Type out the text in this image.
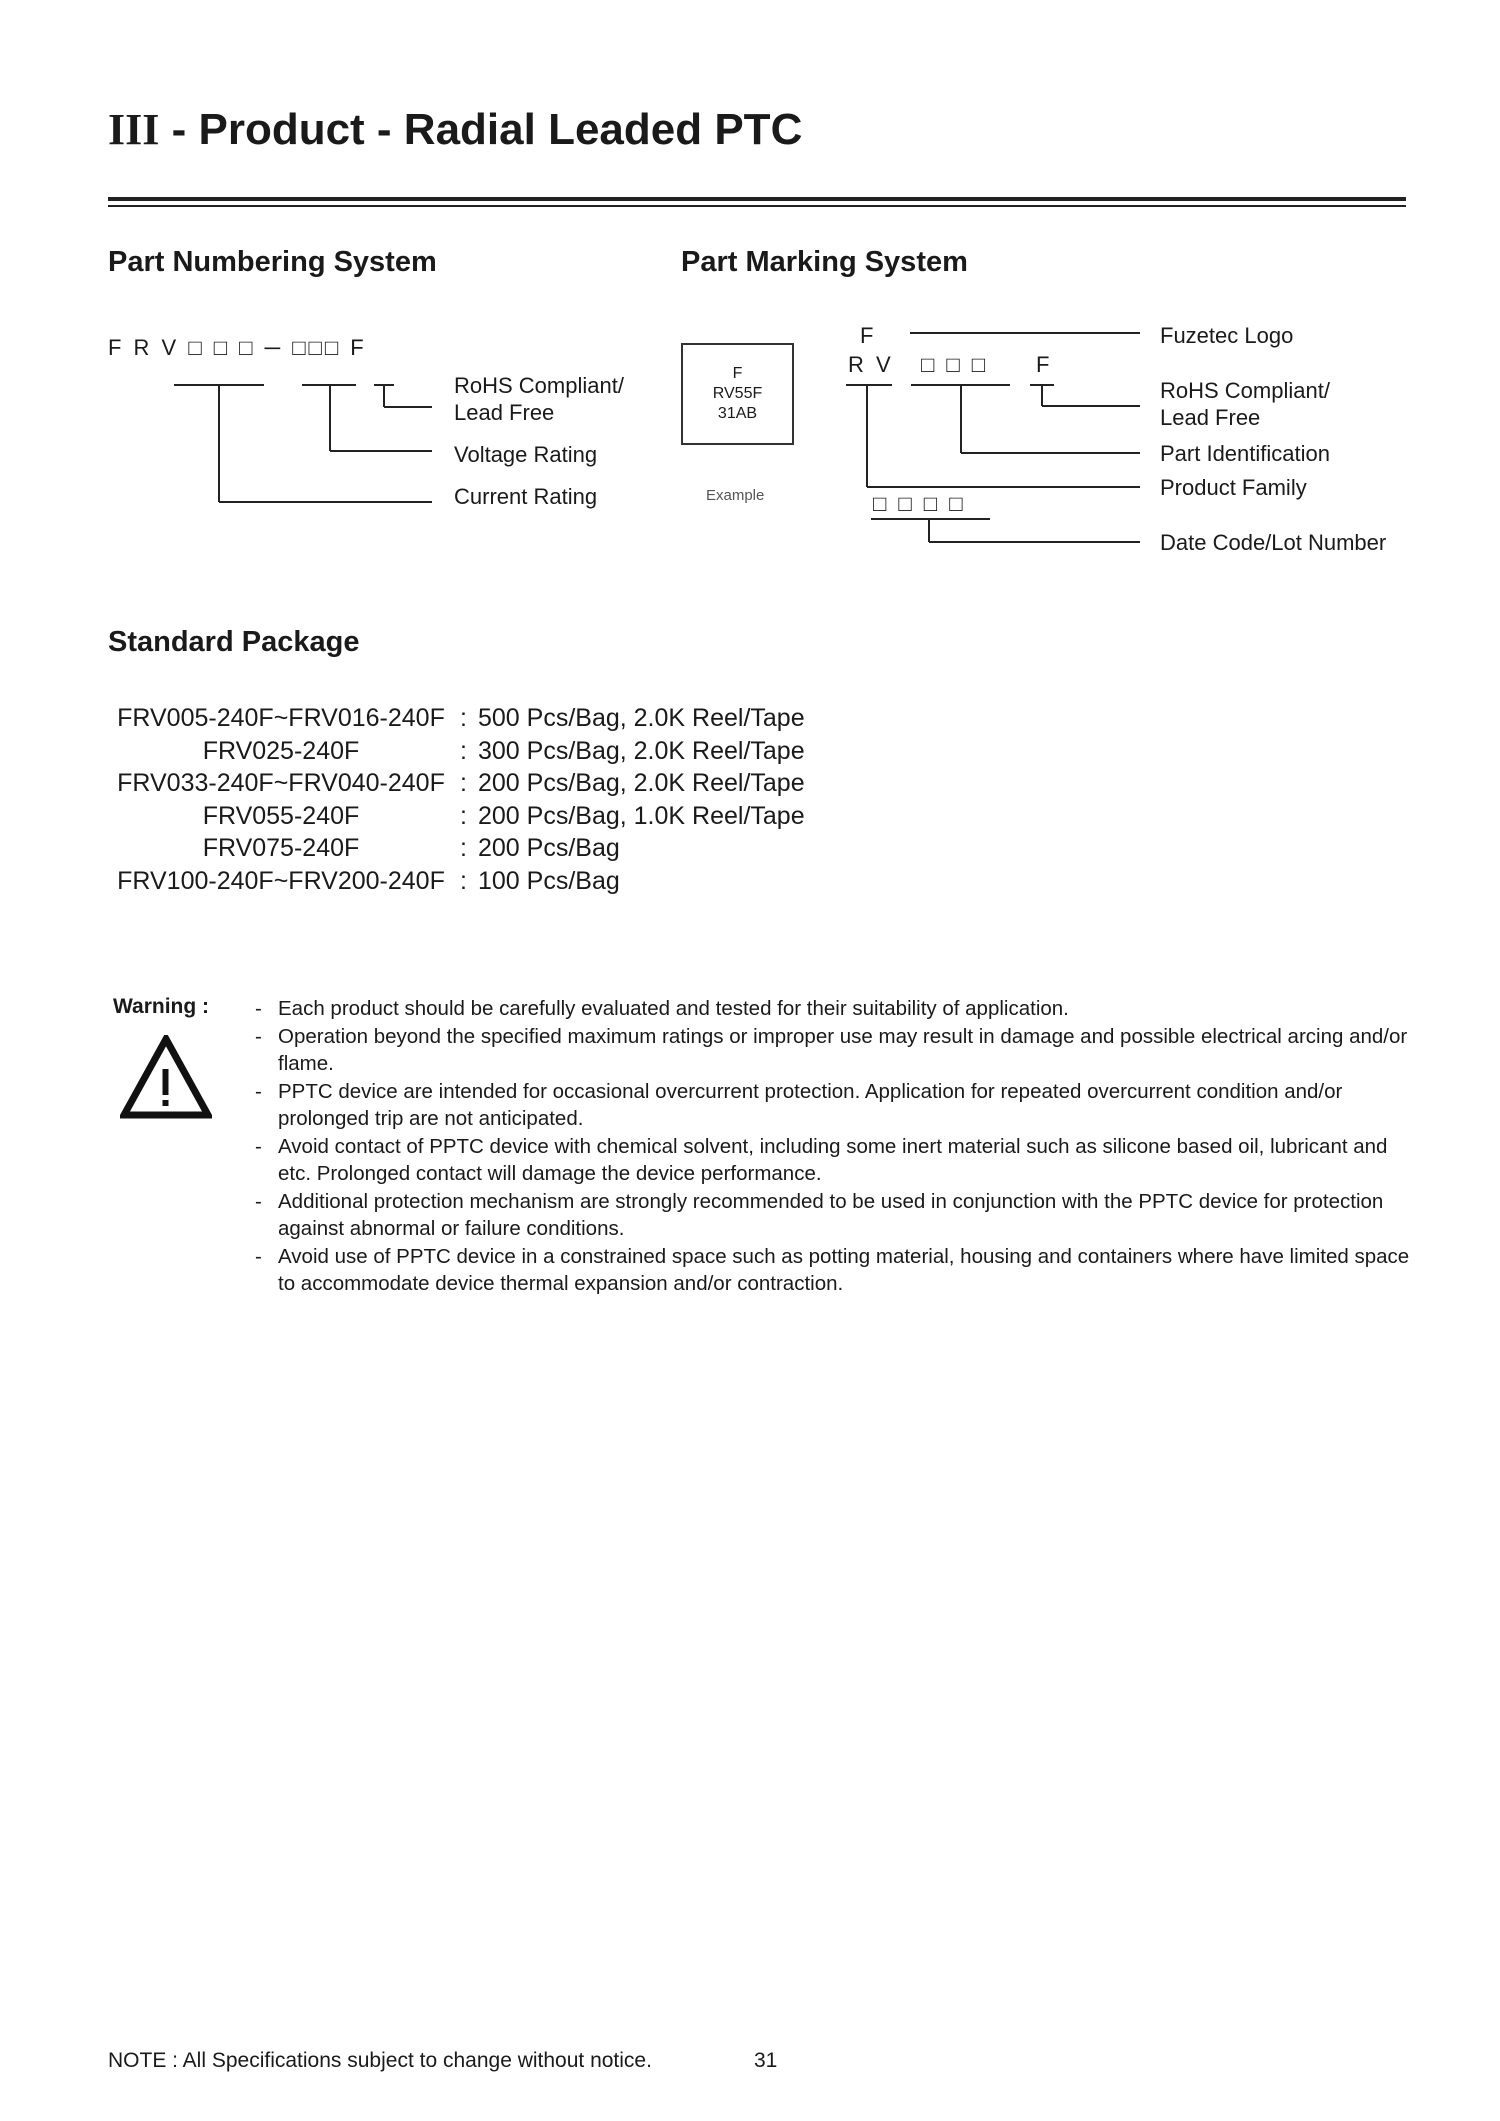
III - Product - Radial Leaded PTC
Part Numbering System	Part Marking System
F R V □ □ □ ─ □□□ F
RoHS Compliant/
Lead Free
Voltage Rating
Current Rating
F
RV55F
31AB
Example
F
R V □ □ □ F
□ □ □ □
Fuzetec Logo
RoHS Compliant/
Lead Free
Part Identification
Product Family
Date Code/Lot Number
Standard Package
FRV005-240F~FRV016-240F
FRV025-240F
FRV033-240F~FRV040-240F
FRV055-240F
FRV075-240F
FRV100-240F~FRV200-240F
:
:
:
:
:
:
500 Pcs/Bag, 2.0K Reel/Tape
300 Pcs/Bag, 2.0K Reel/Tape
200 Pcs/Bag, 2.0K Reel/Tape
200 Pcs/Bag, 1.0K Reel/Tape
200 Pcs/Bag
100 Pcs/Bag
Warning : - Each product should be carefully evaluated and tested for their suitability of application.
- Operation beyond the specified maximum ratings or improper use may result in damage and possible electrical arcing and/or flame.
- PPTC device are intended for occasional overcurrent protection. Application for repeated overcurrent condition and/or prolonged trip are not anticipated.
- Avoid contact of PPTC device with chemical solvent, including some inert material such as silicone based oil, lubricant and etc. Prolonged contact will damage the device performance.
- Additional protection mechanism are strongly recommended to be used in conjunction with the PPTC device for protection against abnormal or failure conditions.
- Avoid use of PPTC device in a constrained space such as potting material, housing and containers where have limited space to accommodate device thermal expansion and/or contraction.
NOTE : All Specifications subject to change without notice.	31
